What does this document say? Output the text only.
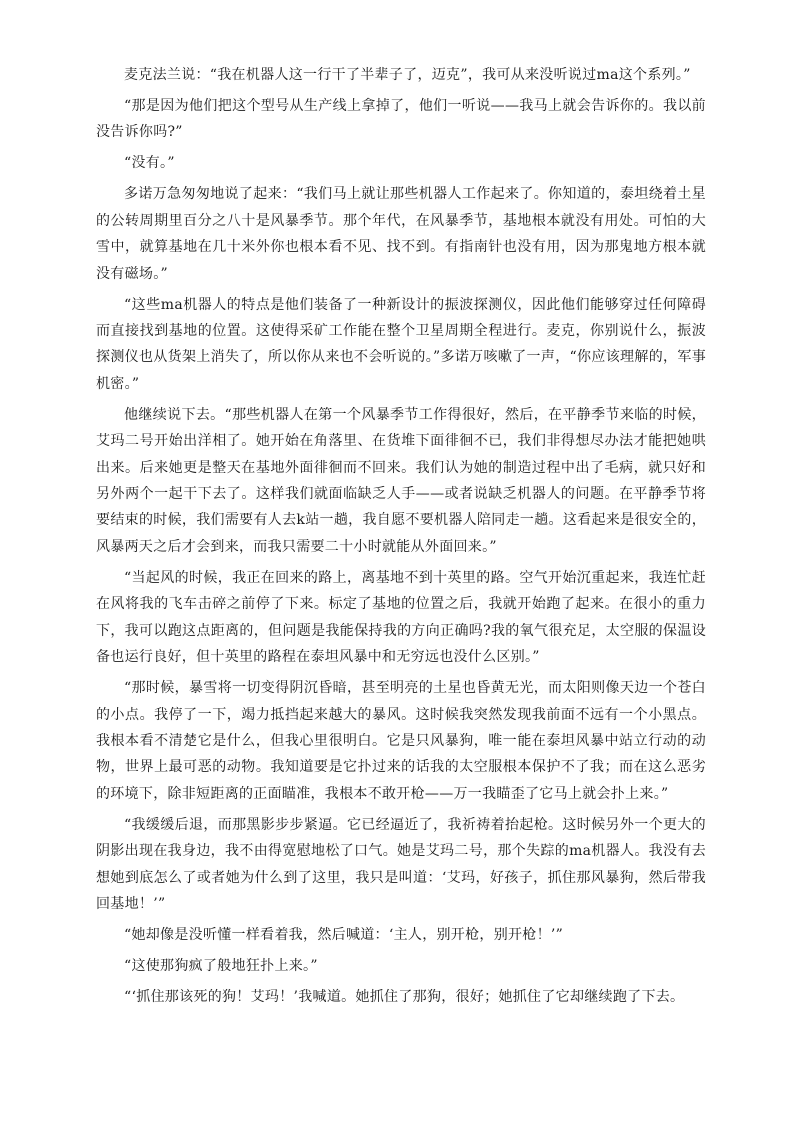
麦克法兰说：“我在机器人这一行干了半辈子了，迈克”，我可从来没听说过ma这个系列。”

“那是因为他们把这个型号从生产线上拿掉了，他们一听说——我马上就会告诉你的。我以前没告诉你吗?”

“没有。”

多诺万急匆匆地说了起来：“我们马上就让那些机器人工作起来了。你知道的，泰坦绕着土星的公转周期里百分之八十是风暴季节。那个年代，在风暴季节，基地根本就没有用处。可怕的大雪中，就算基地在几十米外你也根本看不见、找不到。有指南针也没有用，因为那鬼地方根本就没有磁场。”

“这些ma机器人的特点是他们装备了一种新设计的振波探测仪，因此他们能够穿过任何障碍而直接找到基地的位置。这使得采矿工作能在整个卫星周期全程进行。麦克，你别说什么，振波探测仪也从货架上消失了，所以你从来也不会听说的。”多诺万咳嗽了一声，“你应该理解的，军事机密。”

他继续说下去。“那些机器人在第一个风暴季节工作得很好，然后，在平静季节来临的时候，艾玛二号开始出洋相了。她开始在角落里、在货堆下面徘徊不已，我们非得想尽办法才能把她哄出来。后来她更是整天在基地外面徘徊而不回来。我们认为她的制造过程中出了毛病，就只好和另外两个一起干下去了。这样我们就面临缺乏人手——或者说缺乏机器人的问题。在平静季节将要结束的时候，我们需要有人去k站一趟，我自愿不要机器人陪同走一趟。这看起来是很安全的，风暴两天之后才会到来，而我只需要二十小时就能从外面回来。”

“当起风的时候，我正在回来的路上，离基地不到十英里的路。空气开始沉重起来，我连忙赶在风将我的飞车击碎之前停了下来。标定了基地的位置之后，我就开始跑了起来。在很小的重力下，我可以跑这点距离的，但问题是我能保持我的方向正确吗?我的氧气很充足，太空服的保温设备也运行良好，但十英里的路程在泰坦风暴中和无穷远也没什么区别。”

“那时候，暴雪将一切变得阴沉昏暗，甚至明亮的土星也昏黄无光，而太阳则像天边一个苍白的小点。我停了一下，竭力抵挡起来越大的暴风。这时候我突然发现我前面不远有一个小黑点。我根本看不清楚它是什么，但我心里很明白。它是只风暴狗，唯一能在泰坦风暴中站立行动的动物，世界上最可恶的动物。我知道要是它扑过来的话我的太空服根本保护不了我；而在这么恶劣的环境下，除非短距离的正面瞄准，我根本不敢开枪——万一我瞄歪了它马上就会扑上来。”

“我缓缓后退，而那黑影步步紧逼。它已经逼近了，我祈祷着抬起枪。这时候另外一个更大的阴影出现在我身边，我不由得宽慰地松了口气。她是艾玛二号，那个失踪的ma机器人。我没有去想她到底怎么了或者她为什么到了这里，我只是叫道：‘艾玛，好孩子，抓住那风暴狗，然后带我回基地！’”

“她却像是没听懂一样看着我，然后喊道：‘主人，别开枪，别开枪！’”

“这使那狗疯了般地狂扑上来。”

“‘抓住那该死的狗！艾玛！’我喊道。她抓住了那狗，很好；她抓住了它却继续跑了下去。
